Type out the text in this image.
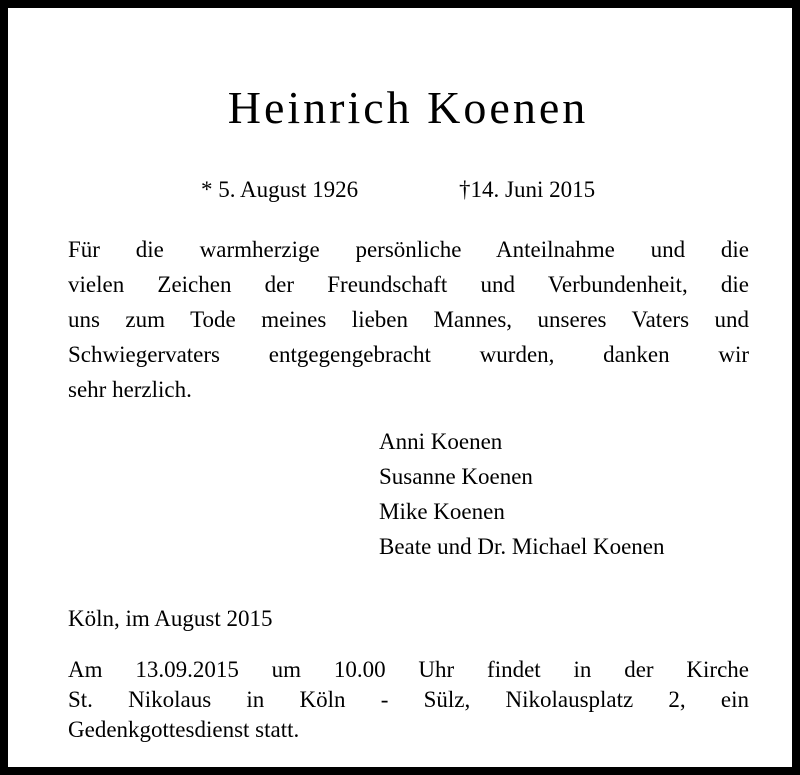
Heinrich Koenen
* 5. August 1926	†14. Juni 2015

Für die warmherzige persönliche Anteilnahme und die
vielen Zeichen der Freundschaft und Verbundenheit, die
uns zum Tode meines lieben Mannes, unseres Vaters und
Schwiegervaters entgegengebracht wurden, danken wir
sehr herzlich.

Anni Koenen
Susanne Koenen
Mike Koenen
Beate und Dr. Michael Koenen
Köln, im August 2015

Am 13.09.2015 um 10.00 Uhr findet in der Kirche
St. Nikolaus in Köln - Sülz, Nikolausplatz 2, ein
Gedenkgottesdienst statt.
